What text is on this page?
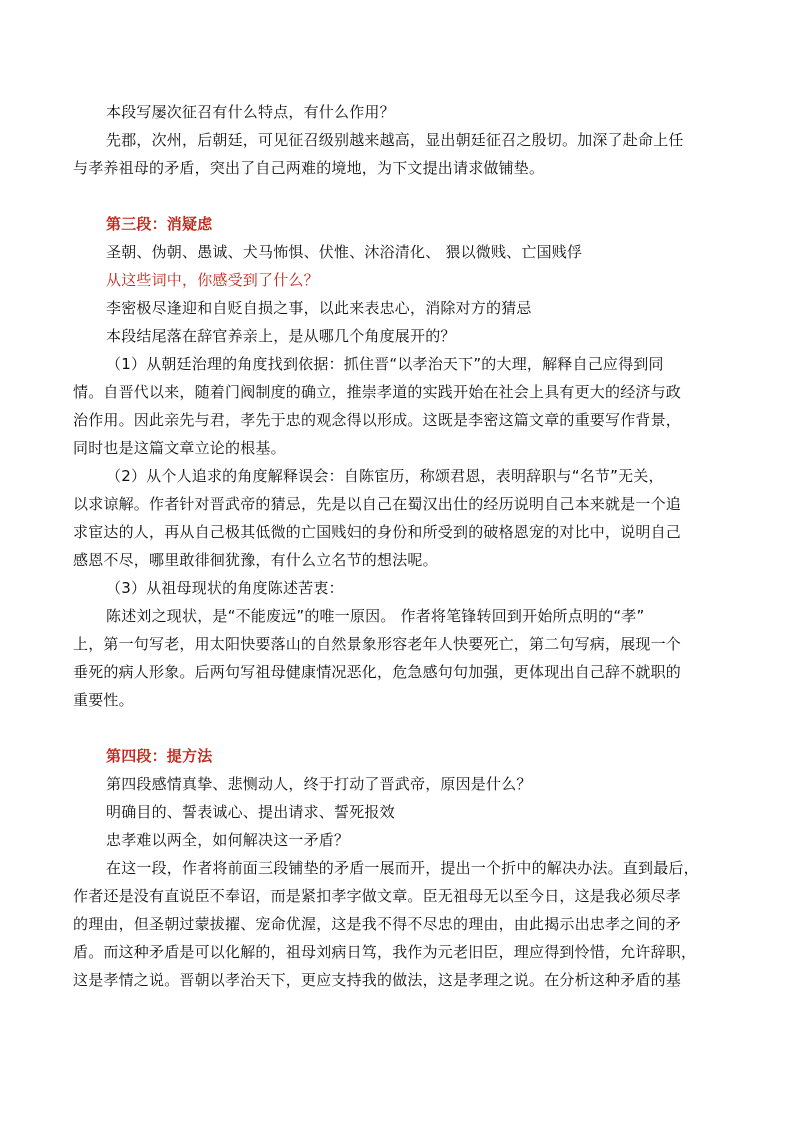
本段写屡次征召有什么特点，有什么作用？
先郡，次州，后朝廷，可见征召级别越来越高，显出朝廷征召之殷切。加深了赴命上任
与孝养祖母的矛盾，突出了自己两难的境地，为下文提出请求做铺垫。
第三段：消疑虑
圣朝、伪朝、愚诚、犬马怖惧、伏惟、沐浴清化、 猥以微贱、亡国贱俘
从这些词中，你感受到了什么？
李密极尽逢迎和自贬自损之事，以此来表忠心，消除对方的猜忌
本段结尾落在辞官养亲上，是从哪几个角度展开的？
（1）从朝廷治理的角度找到依据：抓住晋“以孝治天下”的大理，解释自己应得到同
情。自晋代以来，随着门阀制度的确立，推崇孝道的实践开始在社会上具有更大的经济与政
治作用。因此亲先与君，孝先于忠的观念得以形成。这既是李密这篇文章的重要写作背景，
同时也是这篇文章立论的根基。
（2）从个人追求的角度解释误会：自陈宦历，称颂君恩，表明辞职与“名节”无关，
以求谅解。作者针对晋武帝的猜忌，先是以自己在蜀汉出仕的经历说明自己本来就是一个追
求宦达的人，再从自己极其低微的亡国贱妇的身份和所受到的破格恩宠的对比中，说明自己
感恩不尽，哪里敢徘徊犹豫，有什么立名节的想法呢。
（3）从祖母现状的角度陈述苦衷：
陈述刘之现状，是“不能废远”的唯一原因。 作者将笔锋转回到开始所点明的“孝”
上，第一句写老，用太阳快要落山的自然景象形容老年人快要死亡，第二句写病，展现一个
垂死的病人形象。后两句写祖母健康情况恶化，危急感句句加强，更体现出自己辞不就职的
重要性。
第四段：提方法
第四段感情真挚、悲恻动人，终于打动了晋武帝，原因是什么？
明确目的、誓表诚心、提出请求、誓死报效
忠孝难以两全，如何解决这一矛盾？
在这一段，作者将前面三段铺垫的矛盾一展而开，提出一个折中的解决办法。直到最后，
作者还是没有直说臣不奉诏，而是紧扣孝字做文章。臣无祖母无以至今日，这是我必须尽孝
的理由，但圣朝过蒙拔擢、宠命优渥，这是我不得不尽忠的理由，由此揭示出忠孝之间的矛
盾。而这种矛盾是可以化解的，祖母刘病日笃，我作为元老旧臣，理应得到怜惜，允许辞职，
这是孝情之说。晋朝以孝治天下，更应支持我的做法，这是孝理之说。在分析这种矛盾的基
